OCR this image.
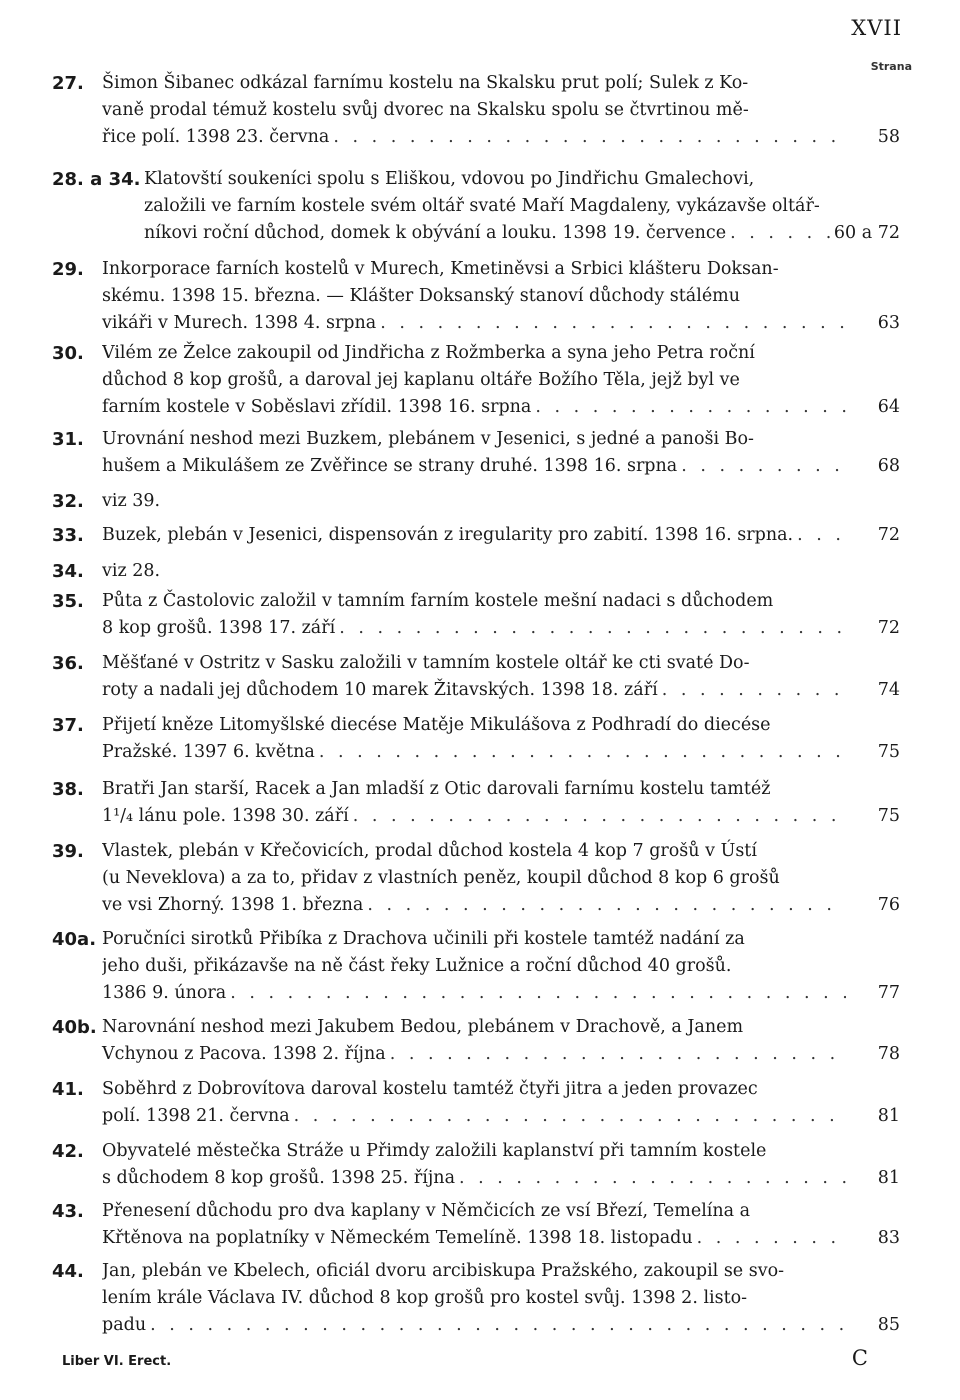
XVII
Strana
27.	Šimon Šibanec odkázal farnímu kostelu na Skalsku prut polí; Sulek z Ko-
vaně prodal témuž kostelu svůj dvorec na Skalsku spolu se čtvrtinou mě-
řice polí. 1398 23. června . . .	58
28. a 34. Klatovští soukeníci spolu s Eliškou, vdovou po Jindřichu Gmalechovi,
založili ve farním kostele svém oltář svaté Maří Magdaleny, vykázavše oltář-
níkovi roční důchod, domek k obývání a louku. 1398 19. července . . .	60 a 72
29.	Inkorporace farních kostelů v Murech, Kmetiněvsi a Srbici klášteru Doksan-
skému. 1398 15. března. — Klášter Doksanský stanoví důchody stálému
vikáři v Murech. 1398 4. srpna . . .	63
30.	Vilém ze Želce zakoupil od Jindřicha z Rožmberka a syna jeho Petra roční
důchod 8 kop grošů, a daroval jej kaplanu oltáře Božího Těla, jejž byl ve
farním kostele v Soběslavi zřídil. 1398 16. srpna . . .	64
31.	Urovnání neshod mezi Buzkem, plebánem v Jesenici, s jedné a panoši Bo-
hušem a Mikulášem ze Zvěřince se strany druhé. 1398 16. srpna . . .	68
32.	viz 39.
33.	Buzek, plebán v Jesenici, dispensován z iregularity pro zabití. 1398 16. srpna. . . .	72
34.	viz 28.
35.	Půta z Častolovic založil v tamním farním kostele mešní nadaci s důchodem
8 kop grošů. 1398 17. září . . .	72
36.	Měšťané v Ostritz v Sasku založili v tamním kostele oltář ke cti svaté Do-
roty a nadali jej důchodem 10 marek Žitavských. 1398 18. září . . .	74
37.	Přijetí kněze Litomyšlské diecése Matěje Mikulášova z Podhradí do diecése
Pražské. 1397 6. května . . .	75
38.	Bratři Jan starší, Racek a Jan mladší z Otic darovali farnímu kostelu tamtéž
1¹/₄ lánu pole. 1398 30. září . . .	75
39.	Vlastek, plebán v Křečovicích, prodal důchod kostela 4 kop 7 grošů v Ústí
(u Neveklova) a za to, přidav z vlastních peněz, koupil důchod 8 kop 6 grošů
ve vsi Zhorný. 1398 1. března . . .	76
40a. Poručníci sirotků Přibíka z Drachova učinili při kostele tamtéž nadání za
jeho duši, přikázavše na ně část řeky Lužnice a roční důchod 40 grošů.
1386 9. února . . .	77
40b. Narovnání neshod mezi Jakubem Bedou, plebánem v Drachově, a Janem
Vchynou z Pacova. 1398 2. října . . .	78
41.	Soběhrd z Dobrovítova daroval kostelu tamtéž čtyři jitra a jeden provazec
polí. 1398 21. června . . .	81
42.	Obyvatelé městečka Stráže u Přimdy založili kaplanství při tamním kostele
s důchodem 8 kop grošů. 1398 25. října . . .	81
43.	Přenesení důchodu pro dva kaplany v Němčicích ze vsí Březí, Temelína a
Křtěnova na poplatníky v Německém Temelíně. 1398 18. listopadu . . .	83
44.	Jan, plebán ve Kbelech, oficiál dvoru arcibiskupa Pražského, zakoupil se svo-
lením krále Václava IV. důchod 8 kop grošů pro kostel svůj. 1398 2. listo-
padu . . .	85
Liber VI. Erect.	C
